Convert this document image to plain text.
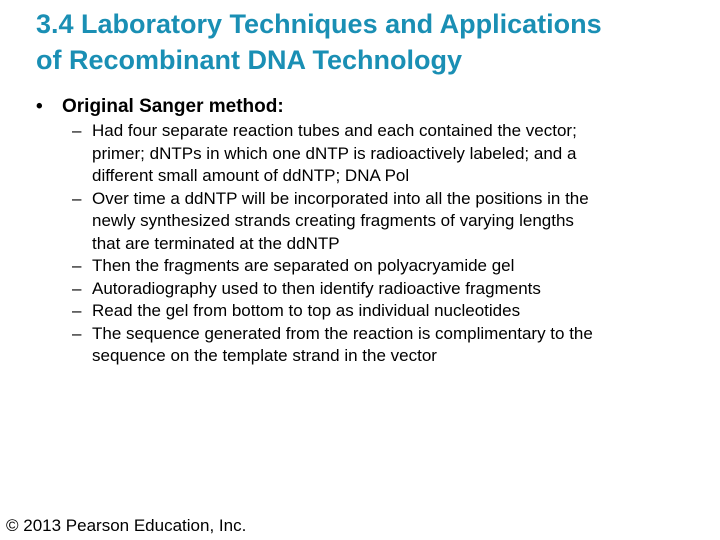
3.4 Laboratory Techniques and Applications
of Recombinant DNA Technology
• Original Sanger method:
– Had four separate reaction tubes and each contained the vector;
primer; dNTPs in which one dNTP is radioactively labeled; and a
different small amount of ddNTP; DNA Pol
– Over time a ddNTP will be incorporated into all the positions in the
newly synthesized strands creating fragments of varying lengths
that are terminated at the ddNTP
– Then the fragments are separated on polyacryamide gel
– Autoradiography used to then identify radioactive fragments
– Read the gel from bottom to top as individual nucleotides
– The sequence generated from the reaction is complimentary to the
sequence on the template strand in the vector
© 2013 Pearson Education, Inc.
